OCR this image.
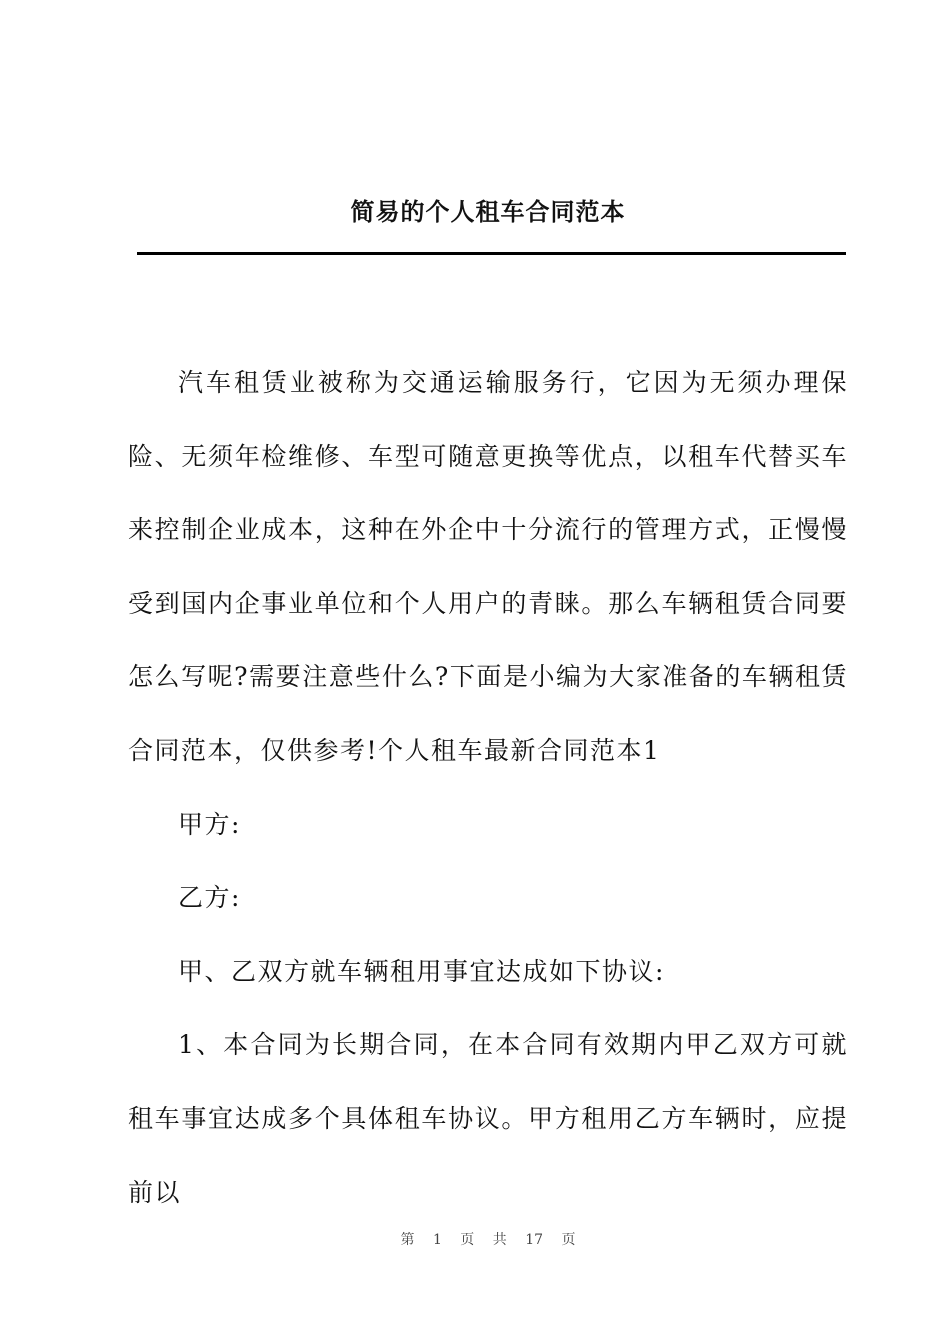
简易的个人租车合同范本

汽车租赁业被称为交通运输服务行，它因为无须办理保险、无须年检维修、车型可随意更换等优点，以租车代替买车来控制企业成本，这种在外企中十分流行的管理方式，正慢慢受到国内企事业单位和个人用户的青睐。那么车辆租赁合同要怎么写呢?需要注意些什么?下面是小编为大家准备的车辆租赁合同范本，仅供参考!个人租车最新合同范本1

甲方:

乙方:

甲、乙双方就车辆租用事宜达成如下协议:

1、本合同为长期合同，在本合同有效期内甲乙双方可就租车事宜达成多个具体租车协议。甲方租用乙方车辆时，应提前以

第 1 页 共 17 页
